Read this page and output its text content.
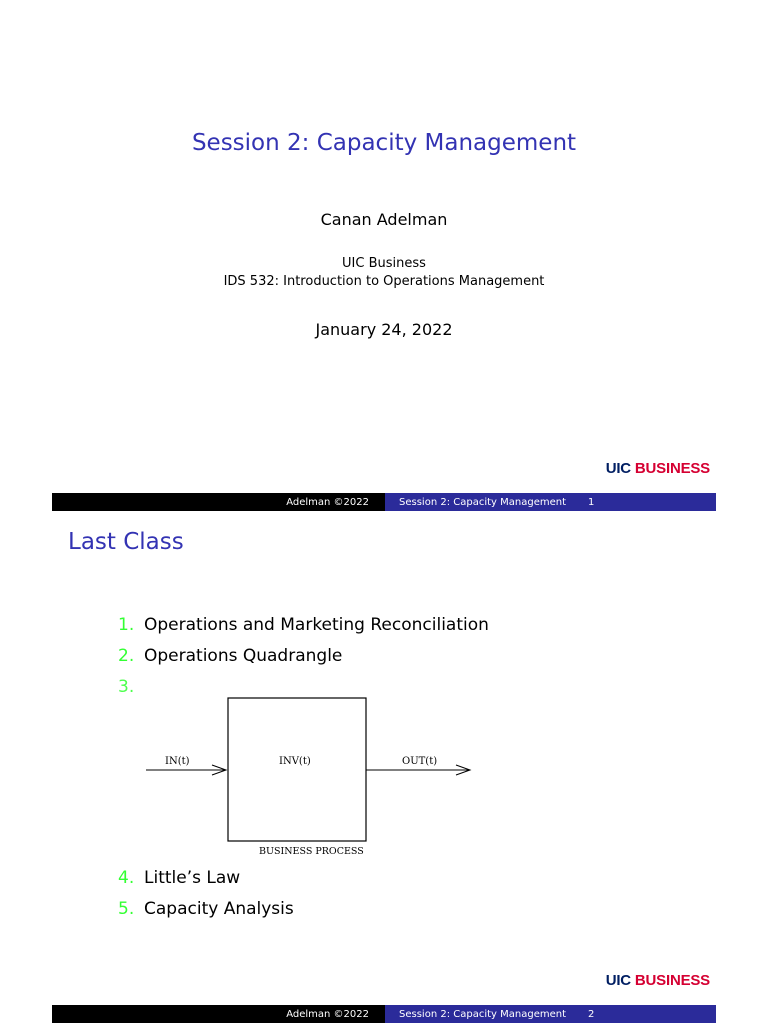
Session 2: Capacity Management
Canan Adelman
UIC Business
IDS 532: Introduction to Operations Management
January 24, 2022
UIC BUSINESS
Adelman ©2022	Session 2: Capacity Management 1
Last Class
1. Operations and Marketing Reconciliation
2. Operations Quadrangle
3.
IN(t)	INV(t)	OUT(t)
BUSINESS PROCESS
4. Little’s Law
5. Capacity Analysis
UIC BUSINESS
Adelman ©2022	Session 2: Capacity Management 2
